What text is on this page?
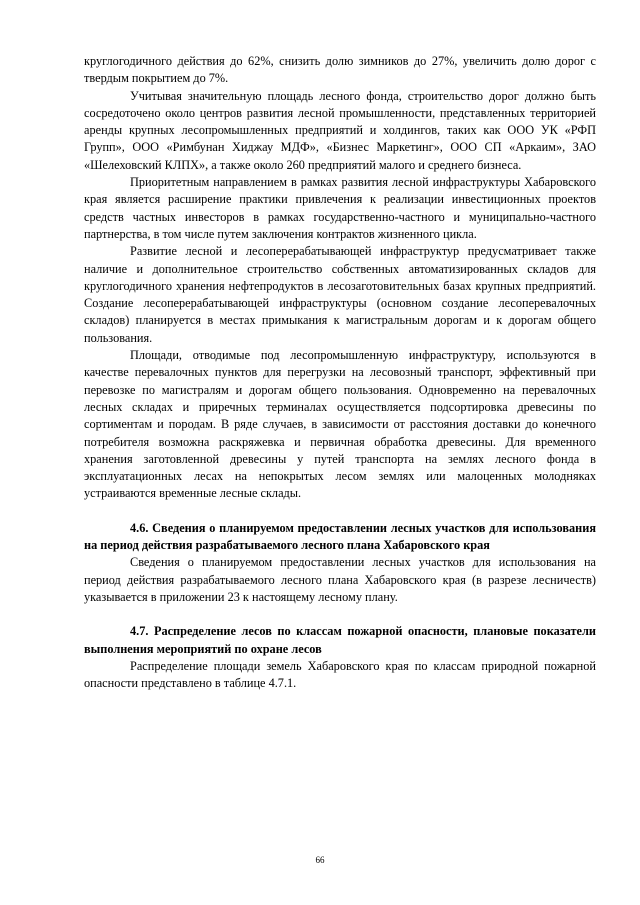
круглогодичного действия до 62%, снизить долю зимников до 27%, увеличить долю дорог с твердым покрытием до 7%.

Учитывая значительную площадь лесного фонда, строительство дорог должно быть сосредоточено около центров развития лесной промышленности, представленных территорией аренды крупных лесопромышленных предприятий и холдингов, таких как ООО УК «РФП Групп», ООО «Римбунан Хиджау МДФ», «Бизнес Маркетинг», ООО СП «Аркаим», ЗАО «Шелеховский КЛПХ», а также около 260 предприятий малого и среднего бизнеса.

Приоритетным направлением в рамках развития лесной инфраструктуры Хабаровского края является расширение практики привлечения к реализации инвестиционных проектов средств частных инвесторов в рамках государственно-частного и муниципально-частного партнерства, в том числе путем заключения контрактов жизненного цикла.

Развитие лесной и лесоперерабатывающей инфраструктур предусматривает также наличие и дополнительное строительство собственных автоматизированных складов для круглогодичного хранения нефтепродуктов в лесозаготовительных базах крупных предприятий. Создание лесоперерабатывающей инфраструктуры (основном создание лесоперевалочных складов) планируется в местах примыкания к магистральным дорогам и к дорогам общего пользования.

Площади, отводимые под лесопромышленную инфраструктуру, используются в качестве перевалочных пунктов для перегрузки на лесовозный транспорт, эффективный при перевозке по магистралям и дорогам общего пользования. Одновременно на перевалочных лесных складах и приречных терминалах осуществляется подсортировка древесины по сортиментам и породам. В ряде случаев, в зависимости от расстояния доставки до конечного потребителя возможна раскряжевка и первичная обработка древесины. Для временного хранения заготовленной древесины у путей транспорта на землях лесного фонда в эксплуатационных лесах на непокрытых лесом землях или малоценных молодняках устраиваются временные лесные склады.

4.6. Сведения о планируемом предоставлении лесных участков для использования на период действия разрабатываемого лесного плана Хабаровского края

Сведения о планируемом предоставлении лесных участков для использования на период действия разрабатываемого лесного плана Хабаровского края (в разрезе лесничеств) указывается в приложении 23 к настоящему лесному плану.

4.7. Распределение лесов по классам пожарной опасности, плановые показатели выполнения мероприятий по охране лесов

Распределение площади земель Хабаровского края по классам природной пожарной опасности представлено в таблице 4.7.1.

66
